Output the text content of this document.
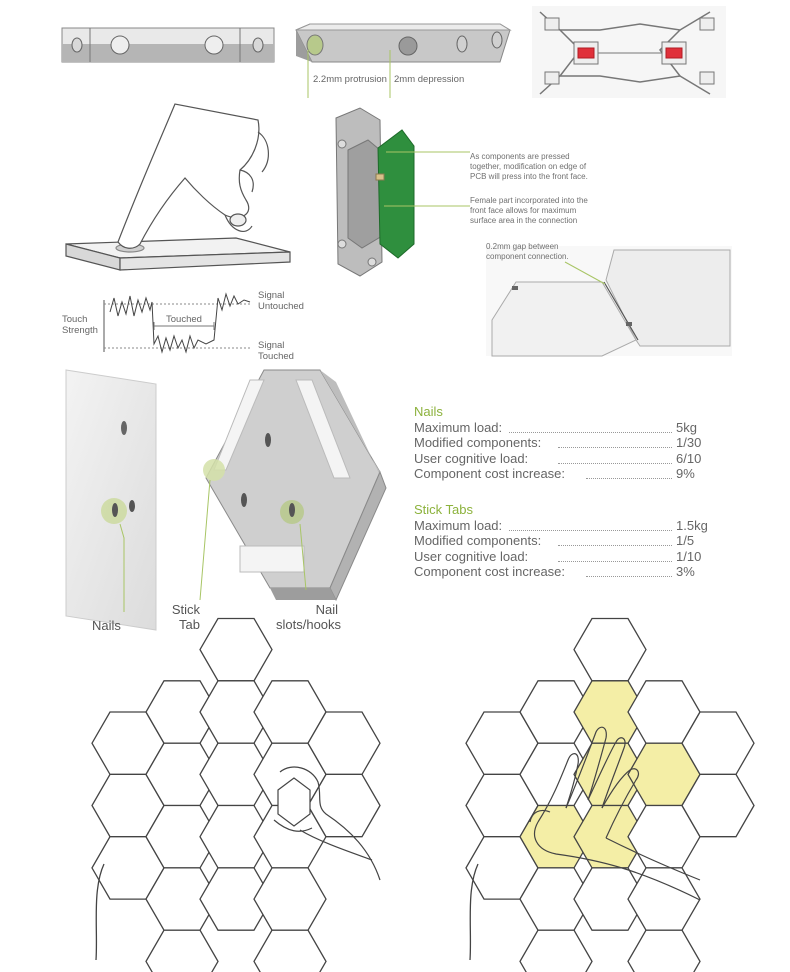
2.2mm protrusion 2mm depression
As components are pressed together, modification on edge of PCB will press into the front face.
Female part incorporated into the front face allows for maximum surface area in the connection
0.2mm gap between component connection.
Touch Strength
Signal Untouched
Touched
Signal Touched
Nails
Stick Tab
Nail slots/hooks
Nails
Maximum load:	5kg
Modified components:	1/30
User cognitive load:	6/10
Component cost increase:	9%
Stick Tabs
Maximum load:	1.5kg
Modified components:	1/5
User cognitive load:	1/10
Component cost increase:	3%
